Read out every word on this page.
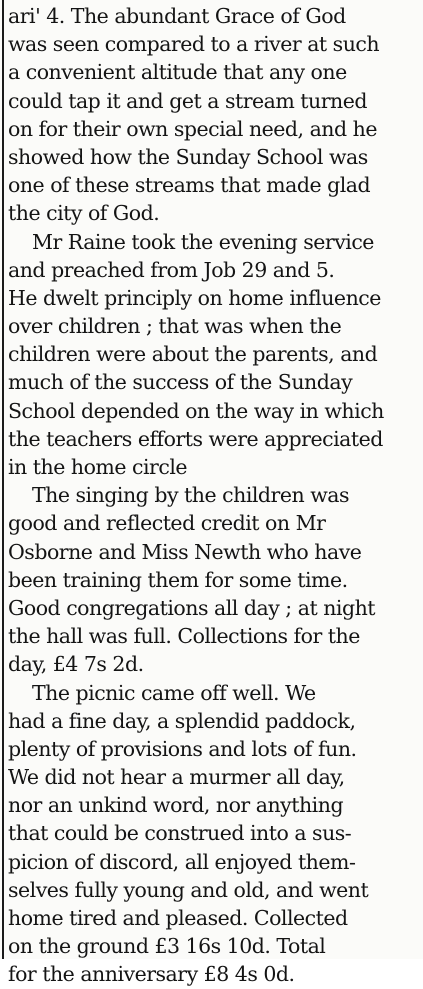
ari' 4. The abundant Grace of God
was seen compared to a river at such
a convenient altitude that any one
could tap it and get a stream turned
on for their own special need, and he
showed how the Sunday School was
one of these streams that made glad
the city of God.
Mr Raine took the evening service
and preached from Job 29 and 5.
He dwelt principly on home influence
over children ; that was when the
children were about the parents, and
much of the success of the Sunday
School depended on the way in which
the teachers efforts were appreciated
in the home circle
The singing by the children was
good and reflected credit on Mr
Osborne and Miss Newth who have
been training them for some time.
Good congregations all day ; at night
the hall was full. Collections for the
day, £4 7s 2d.
The picnic came off well. We
had a fine day, a splendid paddock,
plenty of provisions and lots of fun.
We did not hear a murmer all day,
nor an unkind word, nor anything
that could be construed into a sus-
picion of discord, all enjoyed them-
selves fully young and old, and went
home tired and pleased. Collected
on the ground £3 16s 10d. Total
for the anniversary £8 4s 0d.
